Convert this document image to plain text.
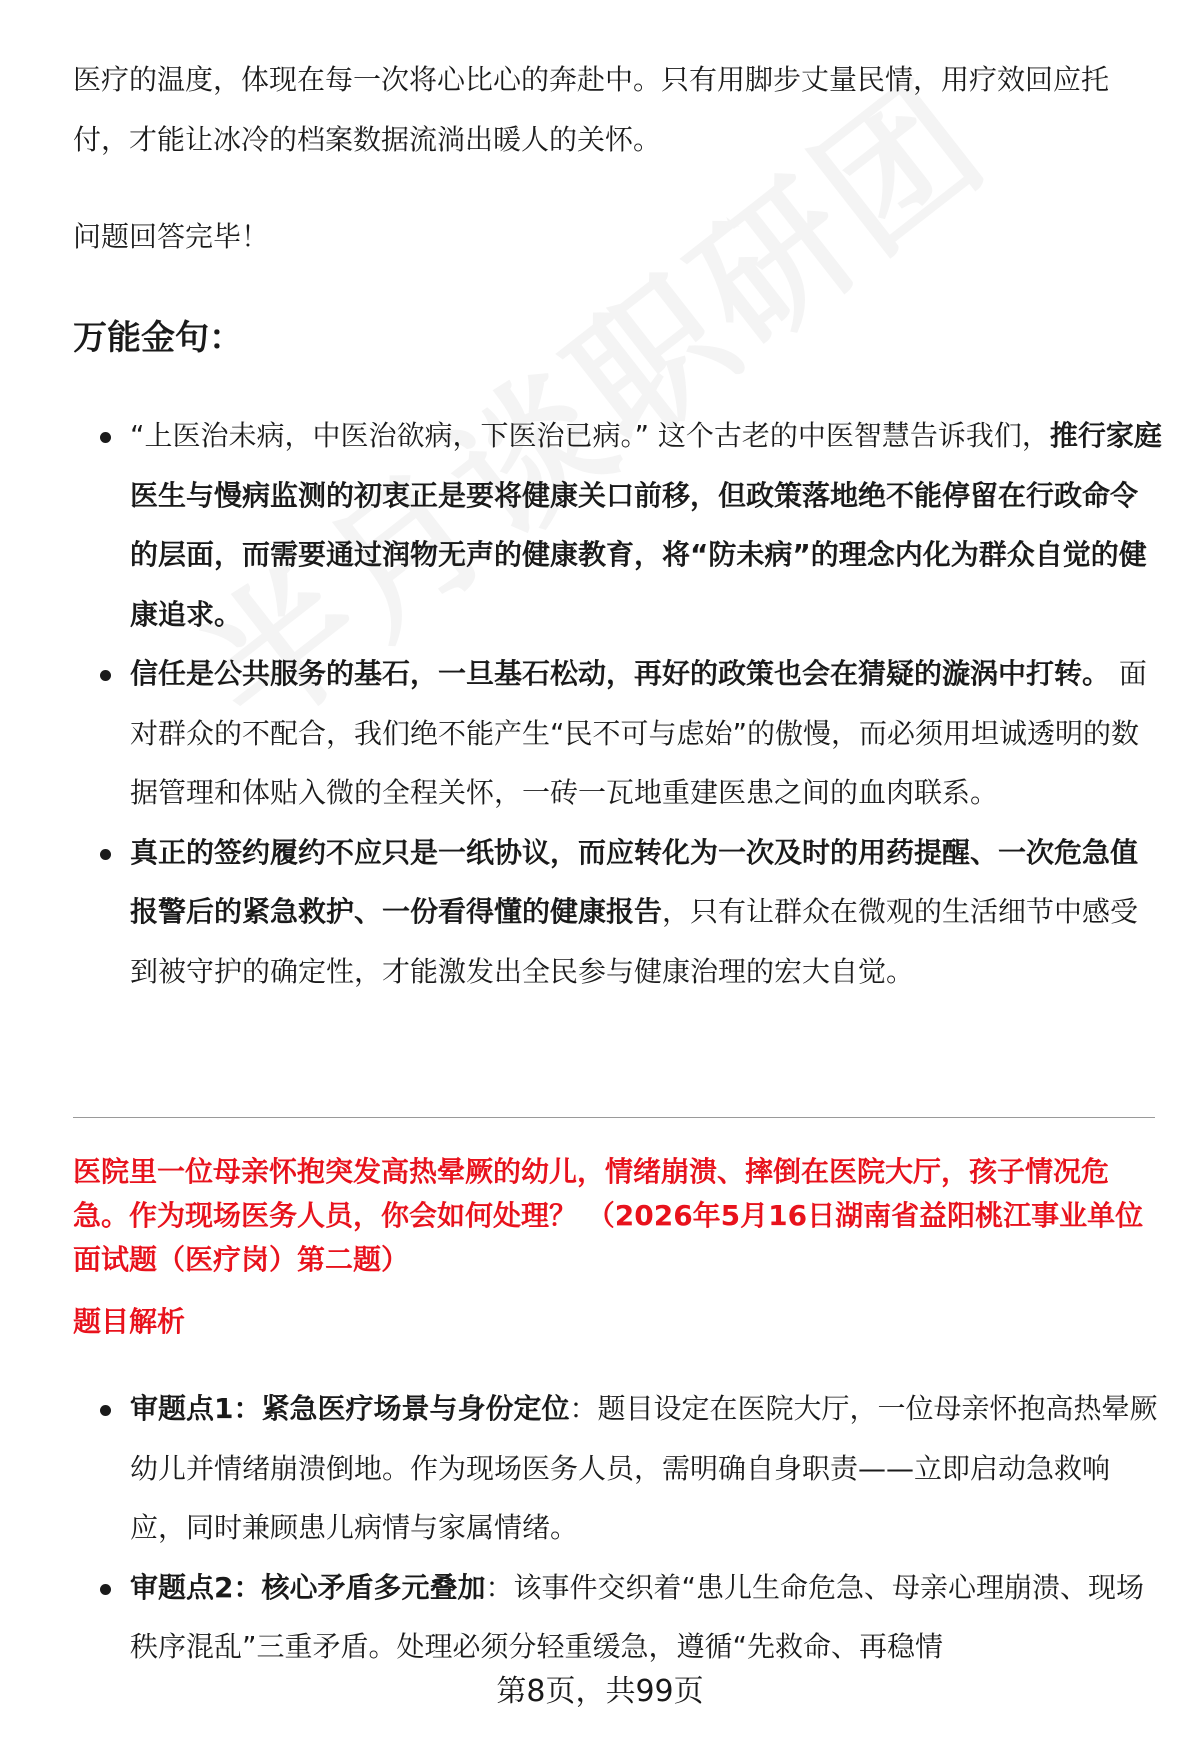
医疗的温度，体现在每一次将心比心的奔赴中。只有用脚步丈量民情，用疗效回应托付，才能让冰冷的档案数据流淌出暖人的关怀。

问题回答完毕！

万能金句：
“上医治未病，中医治欲病，下医治已病。” 这个古老的中医智慧告诉我们，推行家庭医生与慢病监测的初衷正是要将健康关口前移，但政策落地绝不能停留在行政命令的层面，而需要通过润物无声的健康教育，将“防未病”的理念内化为群众自觉的健康追求。
信任是公共服务的基石，一旦基石松动，再好的政策也会在猜疑的漩涡中打转。 面对群众的不配合，我们绝不能产生“民不可与虑始”的傲慢，而必须用坦诚透明的数据管理和体贴入微的全程关怀，一砖一瓦地重建医患之间的血肉联系。
真正的签约履约不应只是一纸协议，而应转化为一次及时的用药提醒、一次危急值报警后的紧急救护、一份看得懂的健康报告，只有让群众在微观的生活细节中感受到被守护的确定性，才能激发出全民参与健康治理的宏大自觉。

医院里一位母亲怀抱突发高热晕厥的幼儿，情绪崩溃、摔倒在医院大厅，孩子情况危急。作为现场医务人员，你会如何处理？ （2026年5月16日湖南省益阳桃江事业单位面试题（医疗岗）第二题）

题目解析

审题点1：紧急医疗场景与身份定位：题目设定在医院大厅，一位母亲怀抱高热晕厥幼儿并情绪崩溃倒地。作为现场医务人员，需明确自身职责——立即启动急救响应，同时兼顾患儿病情与家属情绪。
审题点2：核心矛盾多元叠加：该事件交织着“患儿生命危急、母亲心理崩溃、现场秩序混乱”三重矛盾。处理必须分轻重缓急，遵循“先救命、再稳情
第8页，共99页
